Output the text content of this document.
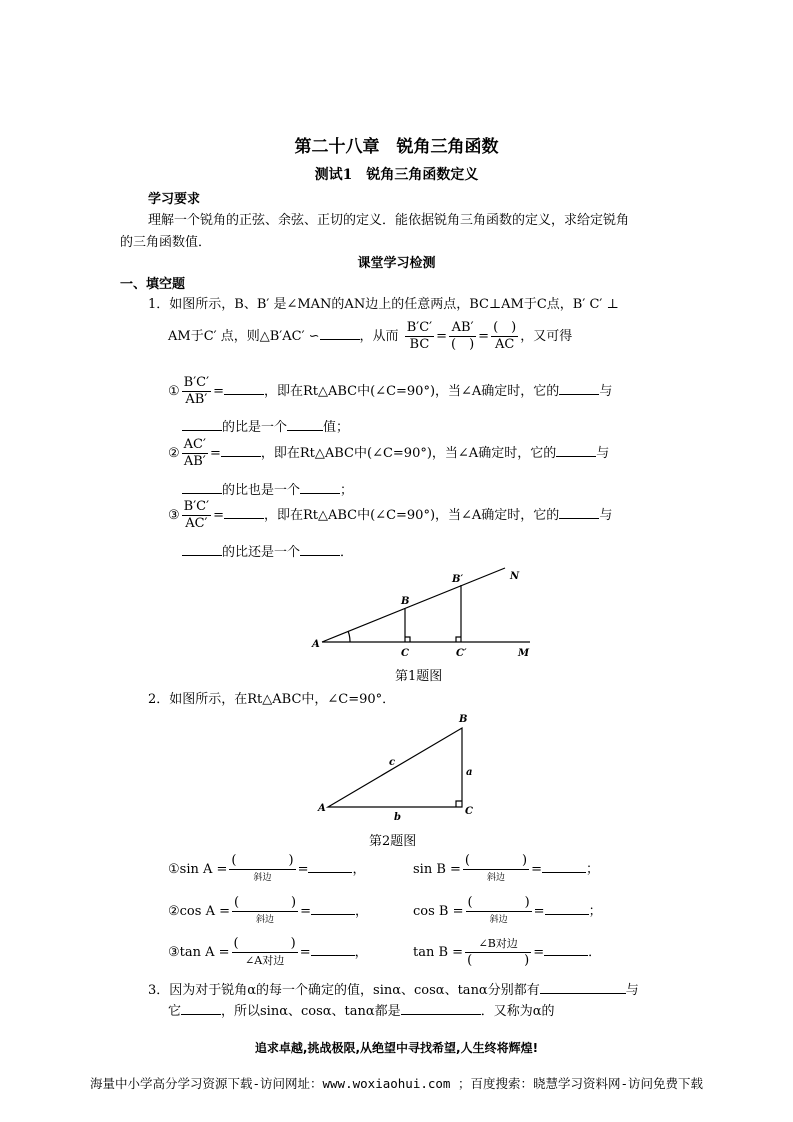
第二十八章　锐角三角函数
测试1　锐角三角函数定义
学习要求
理解一个锐角的正弦、余弦、正切的定义．能依据锐角三角函数的定义，求给定锐角
的三角函数值．
课堂学习检测
一、填空题
1．如图所示，B、B′ 是∠MAN的AN边上的任意两点，BC⊥AM于C点，B′ C′ ⊥
AM于C′ 点，则△B′AC′ ∽	，从而 $\frac{B'C'}{BC} = \frac{AB'}{( )} = \frac{( )}{AC}$ ，又可得
① $\frac{B'C'}{AB'}$ =	，即在Rt△ABC中(∠C=90°)，当∠A确定时，它的	与
的比是一个	值；
② $\frac{AC'}{AB'}$ =	，即在Rt△ABC中(∠C=90°)，当∠A确定时，它的	与
的比也是一个	；
③ $\frac{B'C'}{AC'}$ =	，即在Rt△ABC中(∠C=90°)，当∠A确定时，它的	与
的比还是一个	．
A
B
B′	N
C	C′	M
第1题图
2．如图所示，在Rt△ABC中，∠C=90°．
A
B
C
a
b
c
第2题图
①sin $A = \frac{( )}{\text{斜边}}$ =	，	$\sin B = \frac{( )}{\text{斜边}}$ =	；
②cos $A = \frac{( )}{\text{斜边}}$ =	，	$\cos B = \frac{( )}{\text{斜边}}$ =	；
③tan $A = \frac{( )}{\text{∠A对边}}$ =	，	$\tan B = \frac{\text{∠B对边}}{( )}$ =	．
3．因为对于锐角α的每一个确定的值，sinα、cosα、tanα分别都有	与
它	，所以sinα、cosα、tanα都是	．又称为α的
追求卓越,挑战极限,从绝望中寻找希望,人生终将辉煌!
海量中小学高分学习资源下载-访问网址：www.woxiaohui.com ；百度搜索：晓慧学习资料网-访问免费下载
